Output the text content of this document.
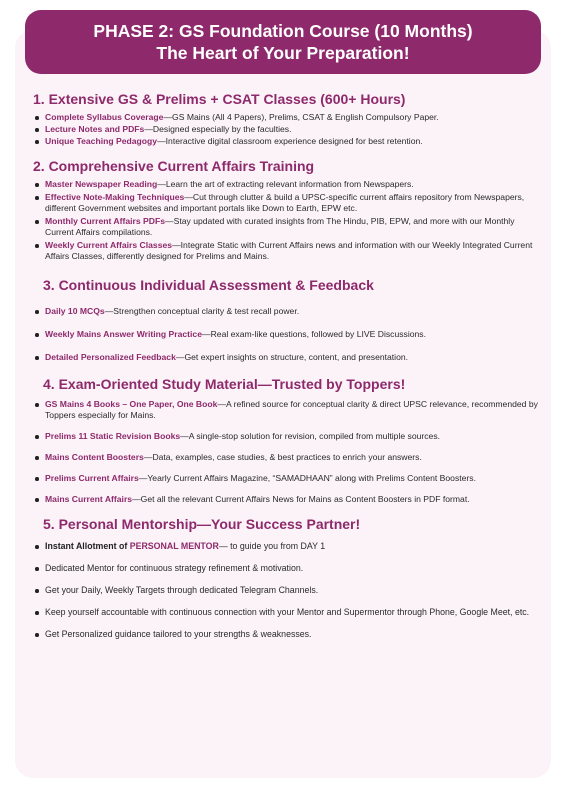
PHASE 2: GS Foundation Course (10 Months)
The Heart of Your Preparation!
1. Extensive GS & Prelims + CSAT Classes (600+ Hours)
Complete Syllabus Coverage—GS Mains (All 4 Papers), Prelims, CSAT & English Compulsory Paper.
Lecture Notes and PDFs—Designed especially by the faculties.
Unique Teaching Pedagogy—Interactive digital classroom experience designed for best retention.
2. Comprehensive Current Affairs Training
Master Newspaper Reading—Learn the art of extracting relevant information from Newspapers.
Effective Note-Making Techniques—Cut through clutter & build a UPSC-specific current affairs repository from Newspapers, different Government websites and important portals like Down to Earth, EPW etc.
Monthly Current Affairs PDFs—Stay updated with curated insights from The Hindu, PIB, EPW, and more with our Monthly Current Affairs compilations.
Weekly Current Affairs Classes—Integrate Static with Current Affairs news and information with our Weekly Integrated Current Affairs Classes, differently designed for Prelims and Mains.
3. Continuous Individual Assessment & Feedback
Daily 10 MCQs—Strengthen conceptual clarity & test recall power.
Weekly Mains Answer Writing Practice—Real exam-like questions, followed by LIVE Discussions.
Detailed Personalized Feedback—Get expert insights on structure, content, and presentation.
4. Exam-Oriented Study Material—Trusted by Toppers!
GS Mains 4 Books – One Paper, One Book—A refined source for conceptual clarity & direct UPSC relevance, recommended by Toppers especially for Mains.
Prelims 11 Static Revision Books—A single-stop solution for revision, compiled from multiple sources.
Mains Content Boosters—Data, examples, case studies, & best practices to enrich your answers.
Prelims Current Affairs—Yearly Current Affairs Magazine, “SAMADHAAN” along with Prelims Content Boosters.
Mains Current Affairs—Get all the relevant Current Affairs News for Mains as Content Boosters in PDF format.
5. Personal Mentorship—Your Success Partner!
Instant Allotment of PERSONAL MENTOR— to guide you from DAY 1
Dedicated Mentor for continuous strategy refinement & motivation.
Get your Daily, Weekly Targets through dedicated Telegram Channels.
Keep yourself accountable with continuous connection with your Mentor and Supermentor through Phone, Google Meet, etc.
Get Personalized guidance tailored to your strengths & weaknesses.
